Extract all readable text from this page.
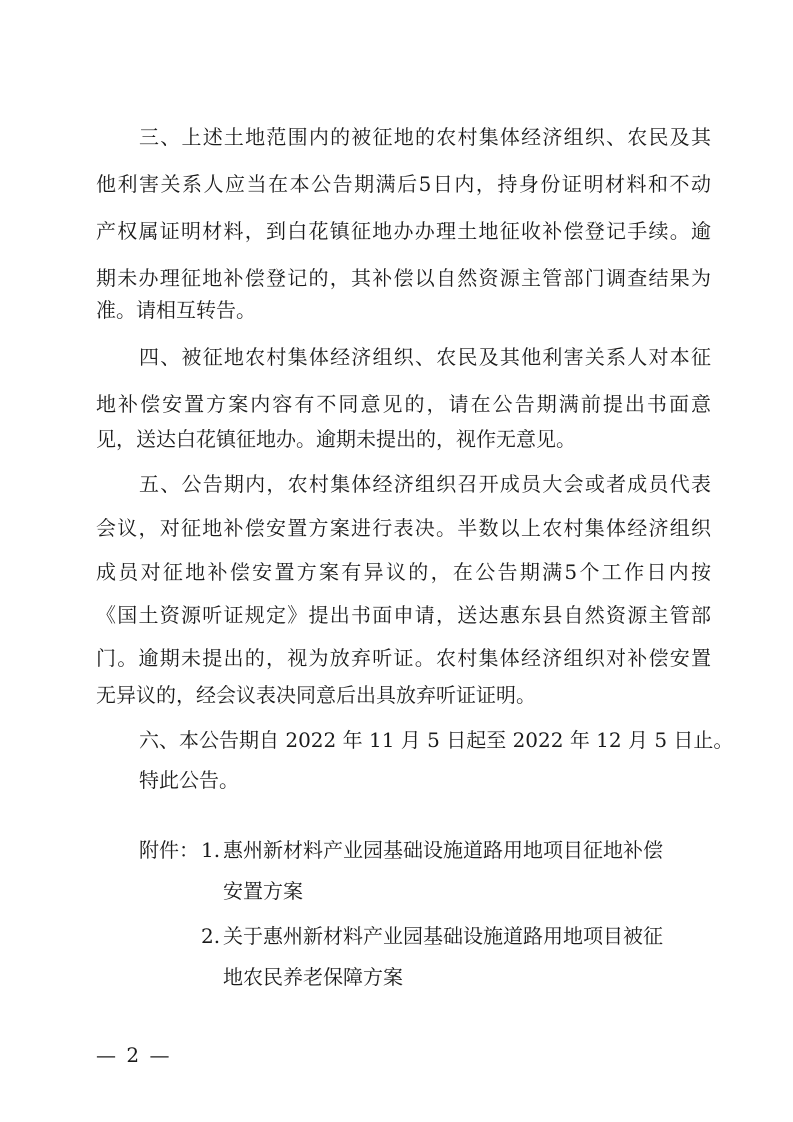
三、上述土地范围内的被征地的农村集体经济组织、农民及其

他利害关系人应当在本公告期满后5日内，持身份证明材料和不动

产权属证明材料，到白花镇征地办办理土地征收补偿登记手续。逾

期未办理征地补偿登记的，其补偿以自然资源主管部门调查结果为

准。请相互转告。

四、被征地农村集体经济组织、农民及其他利害关系人对本征

地补偿安置方案内容有不同意见的，请在公告期满前提出书面意

见，送达白花镇征地办。逾期未提出的，视作无意见。

五、公告期内，农村集体经济组织召开成员大会或者成员代表

会议，对征地补偿安置方案进行表决。半数以上农村集体经济组织

成员对征地补偿安置方案有异议的，在公告期满5个工作日内按

《国土资源听证规定》提出书面申请，送达惠东县自然资源主管部

门。逾期未提出的，视为放弃听证。农村集体经济组织对补偿安置

无异议的，经会议表决同意后出具放弃听证证明。

六、本公告期自 2022 年 11 月 5 日起至 2022 年 12 月 5 日止。

特此公告。

附件： 1. 惠州新材料产业园基础设施道路用地项目征地补偿
安置方案
2. 关于惠州新材料产业园基础设施道路用地项目被征
地农民养老保障方案
— 2 —
